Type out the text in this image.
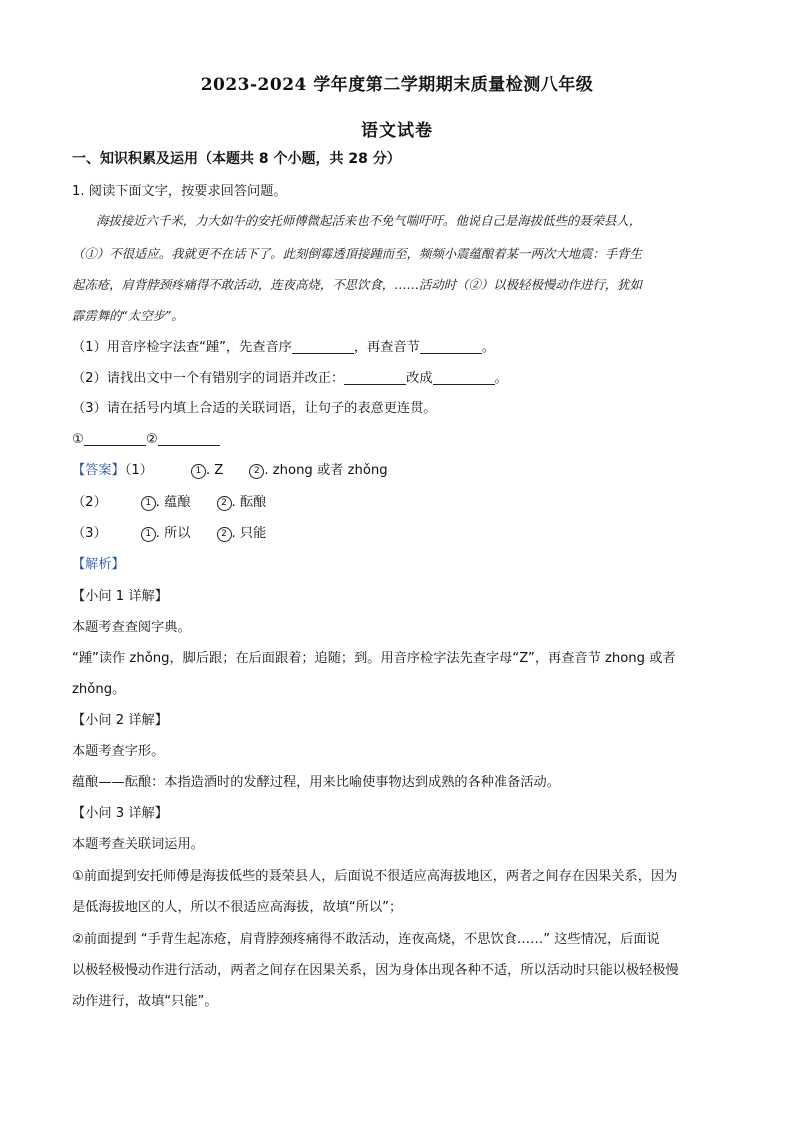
2023-2024 学年度第二学期期末质量检测八年级
语文试卷
一、知识积累及运用（本题共 8 个小题，共 28 分）
1. 阅读下面文字，按要求回答问题。
海拔接近六千米，力大如牛的安托师傅微起活来也不免气喘吁吁。他说自己是海拔低些的聂荣县人，
（①）不很适应。我就更不在话下了。此刻倒霉透頂接踵而至，频频小震蕴酿着某一两次大地震：手背生
起冻疮，肩背脖颈疼痛得不敢活动，连夜高烧，不思饮食，……活动时（②）以极轻极慢动作进行，犹如
霹雳舞的“太空步”。
（1）用音序检字法查“踵”，先查音序	，再查音节	。
（2）请找出文中一个有错别字的词语并改正：	改成	。
（3）请在括号内填上合适的关联词语，让句子的表意更连贯。
①	②
【答案】（1）	1 . Z	2 . zhong 或者 zhǒng
（2）	1 . 蕴酿	2 . 酝酿
（3）	1 . 所以	2 . 只能
【解析】
【小问 1 详解】
本题考查查阅字典。
“踵”读作 zhǒng，脚后跟；在后面跟着；追随；到。用音序检字法先查字母“Z”，再查音节 zhong 或者
zhǒng。
【小问 2 详解】
本题考查字形。
蕴酿——酝酿：本指造酒时的发酵过程，用来比喻使事物达到成熟的各种准备活动。
【小问 3 详解】
本题考查关联词运用。
①前面提到安托师傅是海拔低些的聂荣县人，后面说不很适应高海拔地区，两者之间存在因果关系，因为
是低海拔地区的人，所以不很适应高海拔，故填“所以”；
②前面提到 “手背生起冻疮，肩背脖颈疼痛得不敢活动，连夜高烧，不思饮食……” 这些情况，后面说
以极轻极慢动作进行活动，两者之间存在因果关系，因为身体出现各种不适，所以活动时只能以极轻极慢
动作进行，故填“只能”。
